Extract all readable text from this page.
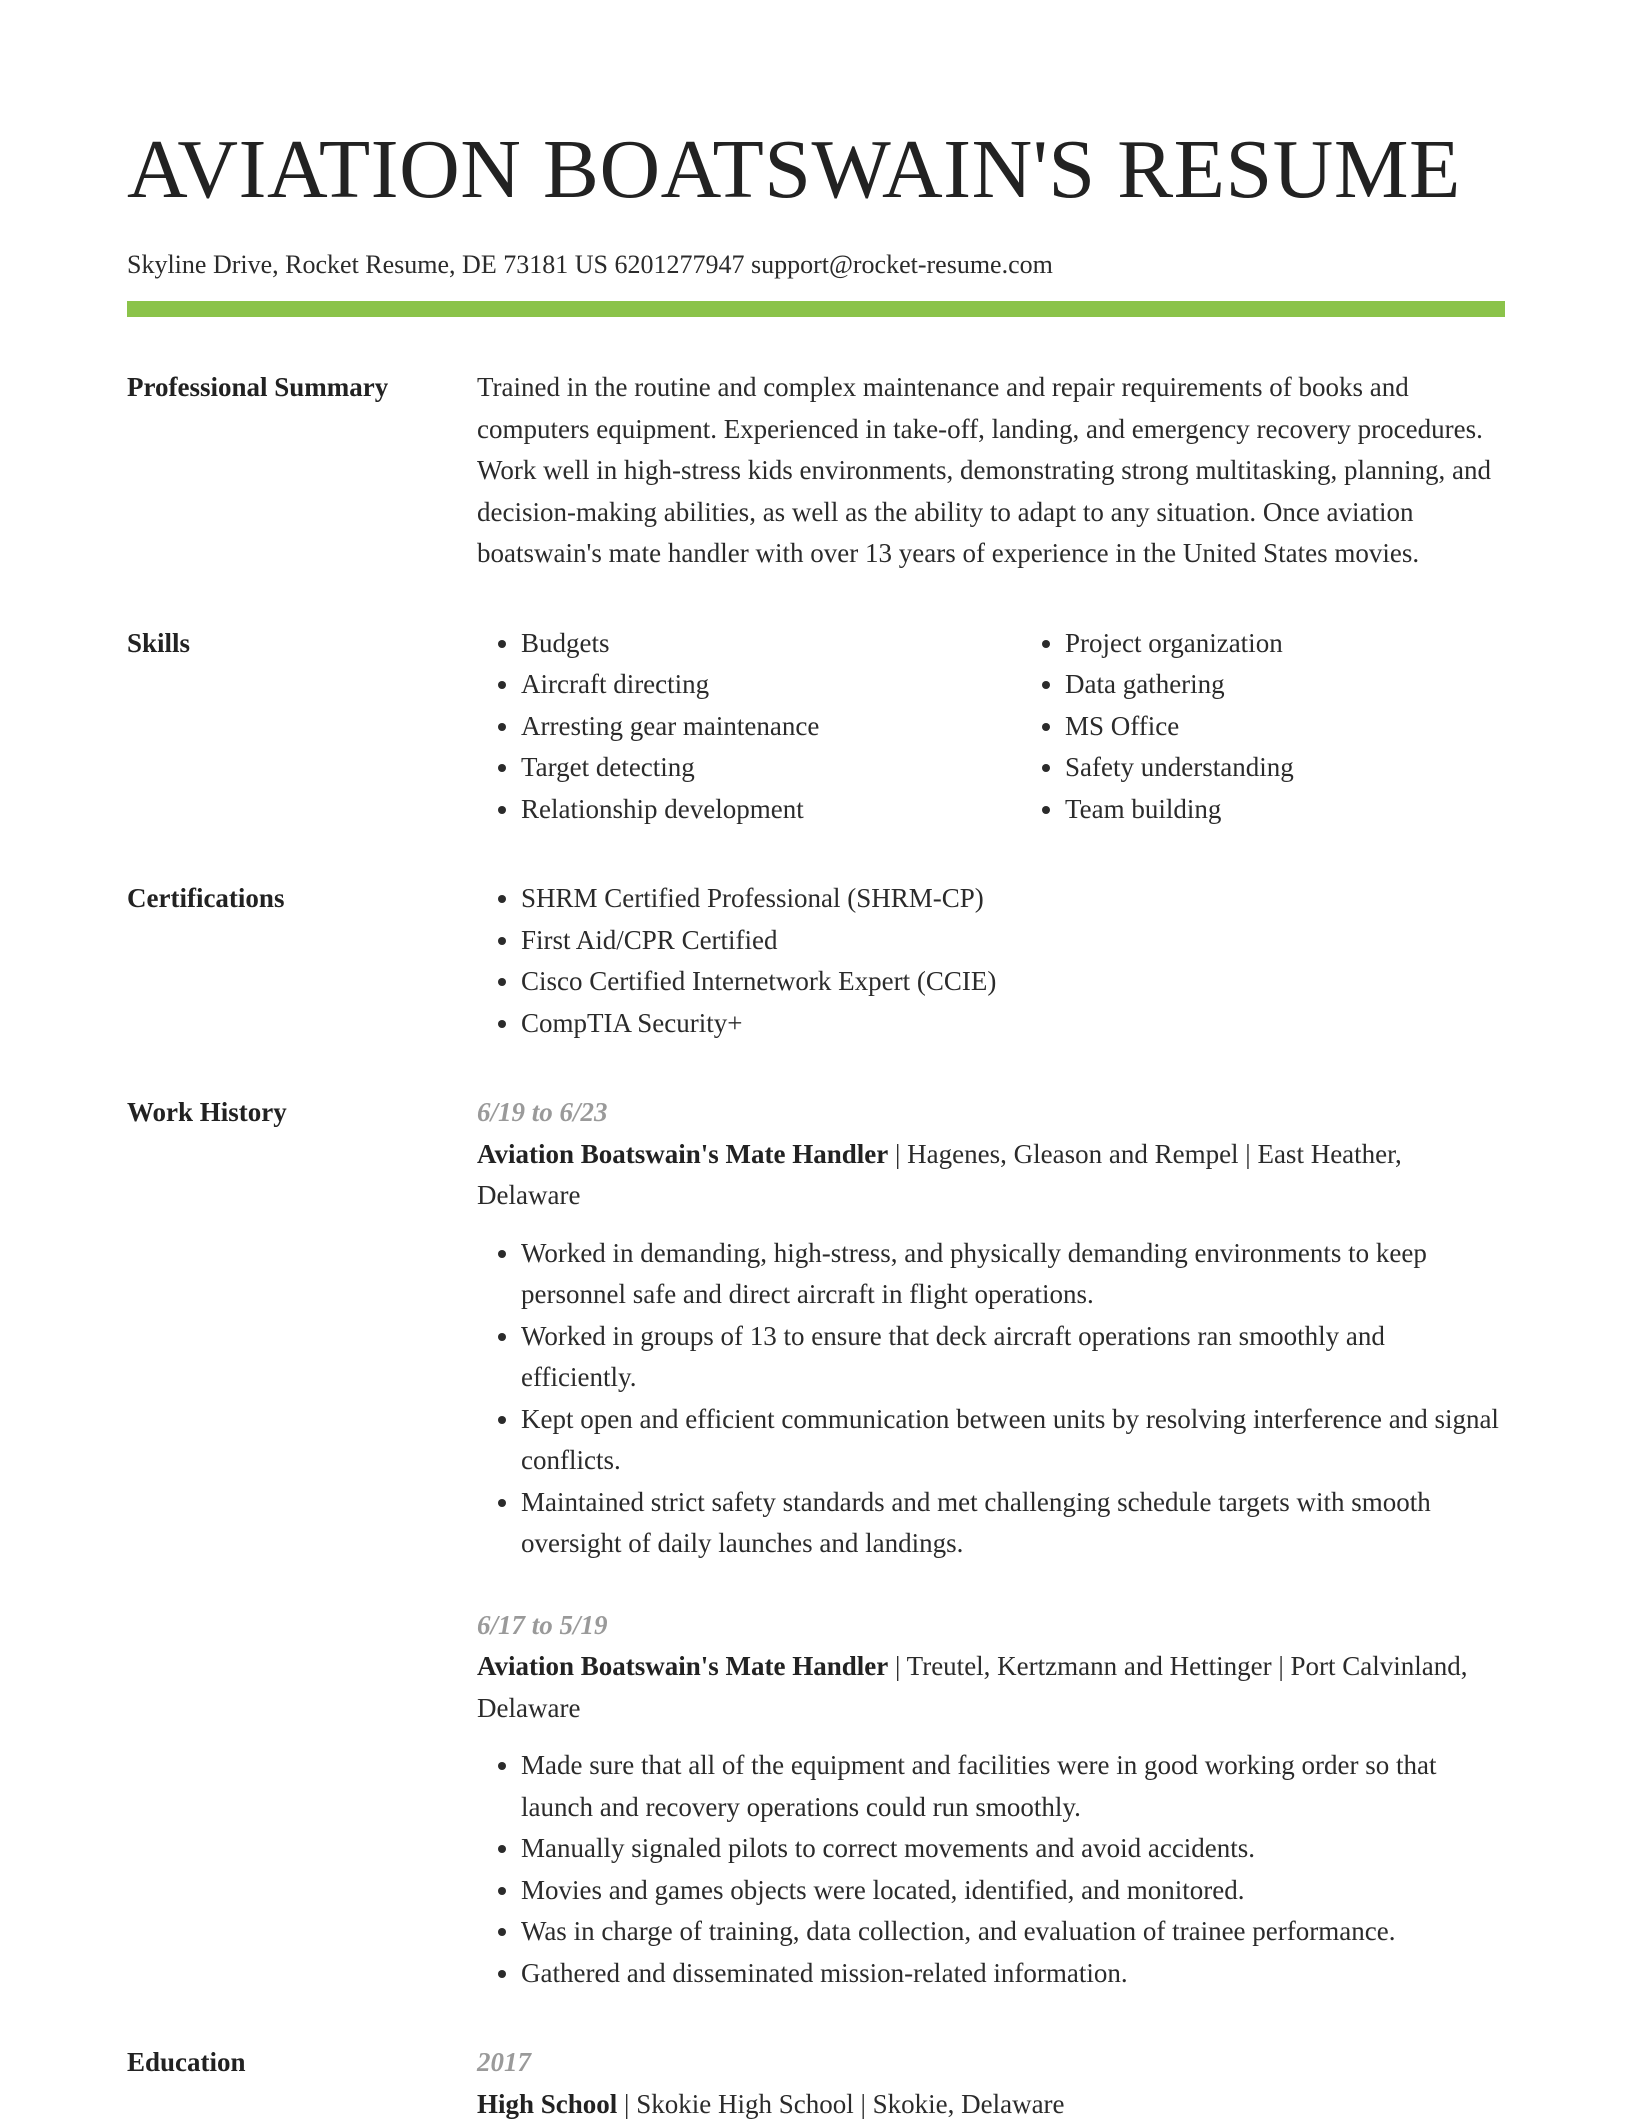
AVIATION BOATSWAIN'S RESUME
Skyline Drive, Rocket Resume, DE 73181 US 6201277947 support@rocket-resume.com
Professional Summary	Trained in the routine and complex maintenance and repair requirements of books and computers equipment. Experienced in take-off, landing, and emergency recovery procedures. Work well in high-stress kids environments, demonstrating strong multitasking, planning, and decision-making abilities, as well as the ability to adapt to any situation. Once aviation boatswain's mate handler with over 13 years of experience in the United States movies.

Skills	• Budgets
• Aircraft directing
• Arresting gear maintenance
• Target detecting
• Relationship development
• Project organization
• Data gathering
• MS Office
• Safety understanding
• Team building
Certifications	• SHRM Certified Professional (SHRM-CP)
• First Aid/CPR Certified
• Cisco Certified Internetwork Expert (CCIE)
• CompTIA Security+
Work History	6/19 to 6/23
Aviation Boatswain's Mate Handler | Hagenes, Gleason and Rempel | East Heather, Delaware
• Worked in demanding, high-stress, and physically demanding environments to keep personnel safe and direct aircraft in flight operations.
• Worked in groups of 13 to ensure that deck aircraft operations ran smoothly and efficiently.
• Kept open and efficient communication between units by resolving interference and signal conflicts.
• Maintained strict safety standards and met challenging schedule targets with smooth oversight of daily launches and landings.
6/17 to 5/19
Aviation Boatswain's Mate Handler | Treutel, Kertzmann and Hettinger | Port Calvinland, Delaware
• Made sure that all of the equipment and facilities were in good working order so that launch and recovery operations could run smoothly.
• Manually signaled pilots to correct movements and avoid accidents.
• Movies and games objects were located, identified, and monitored.
• Was in charge of training, data collection, and evaluation of trainee performance.
• Gathered and disseminated mission-related information.
Education	2017
High School | Skokie High School | Skokie, Delaware
